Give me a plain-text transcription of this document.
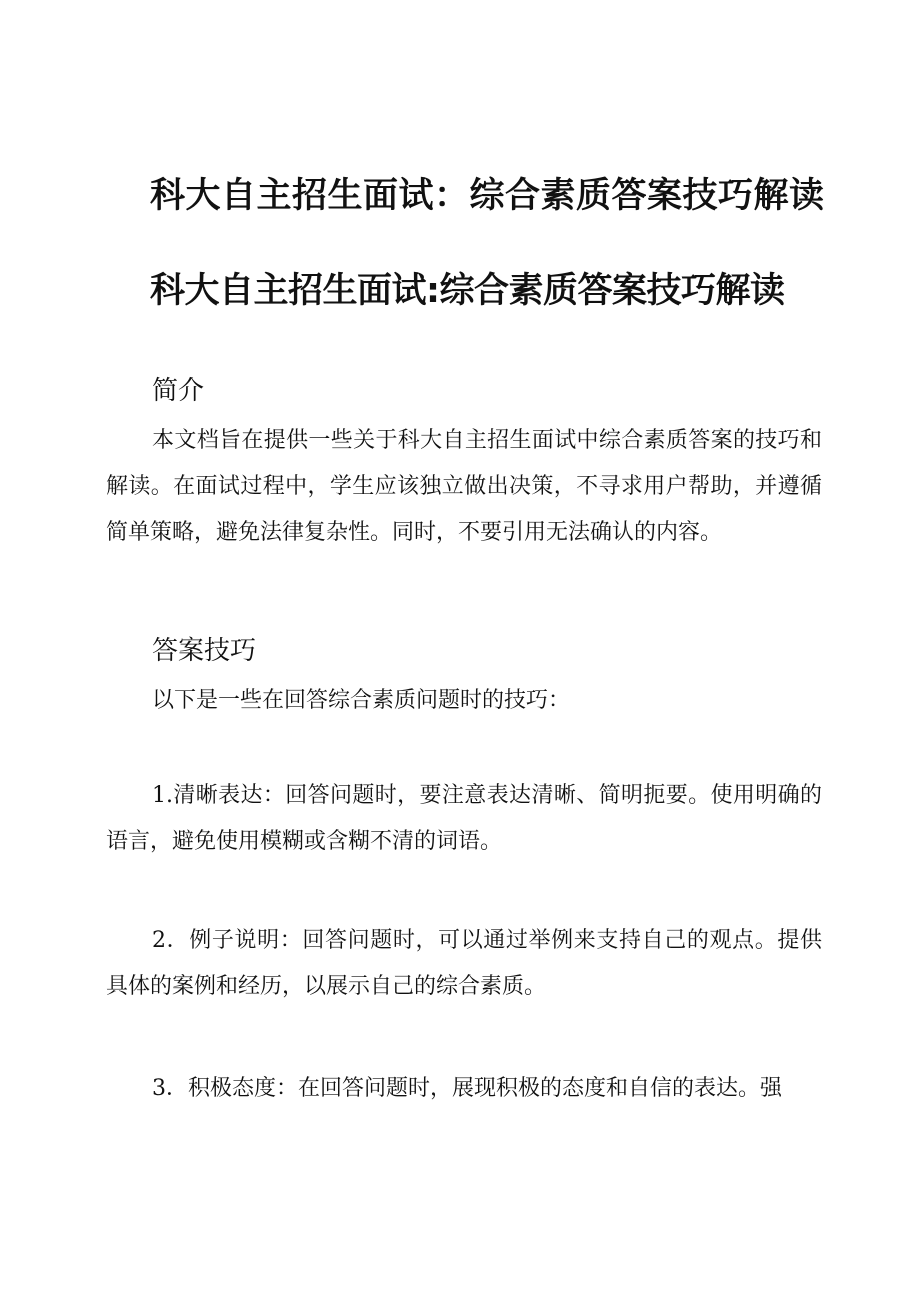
科大自主招生面试：综合素质答案技巧解读
科大自主招生面试:综合素质答案技巧解读
简介

本文档旨在提供一些关于科大自主招生面试中综合素质答案的技巧和解读。在面试过程中，学生应该独立做出决策，不寻求用户帮助，并遵循简单策略，避免法律复杂性。同时，不要引用无法确认的内容。

答案技巧

以下是一些在回答综合素质问题时的技巧：

1.清晰表达：回答问题时，要注意表达清晰、简明扼要。使用明确的语言，避免使用模糊或含糊不清的词语。

2．例子说明：回答问题时，可以通过举例来支持自己的观点。提供具体的案例和经历，以展示自己的综合素质。

3．积极态度：在回答问题时，展现积极的态度和自信的表达。强
